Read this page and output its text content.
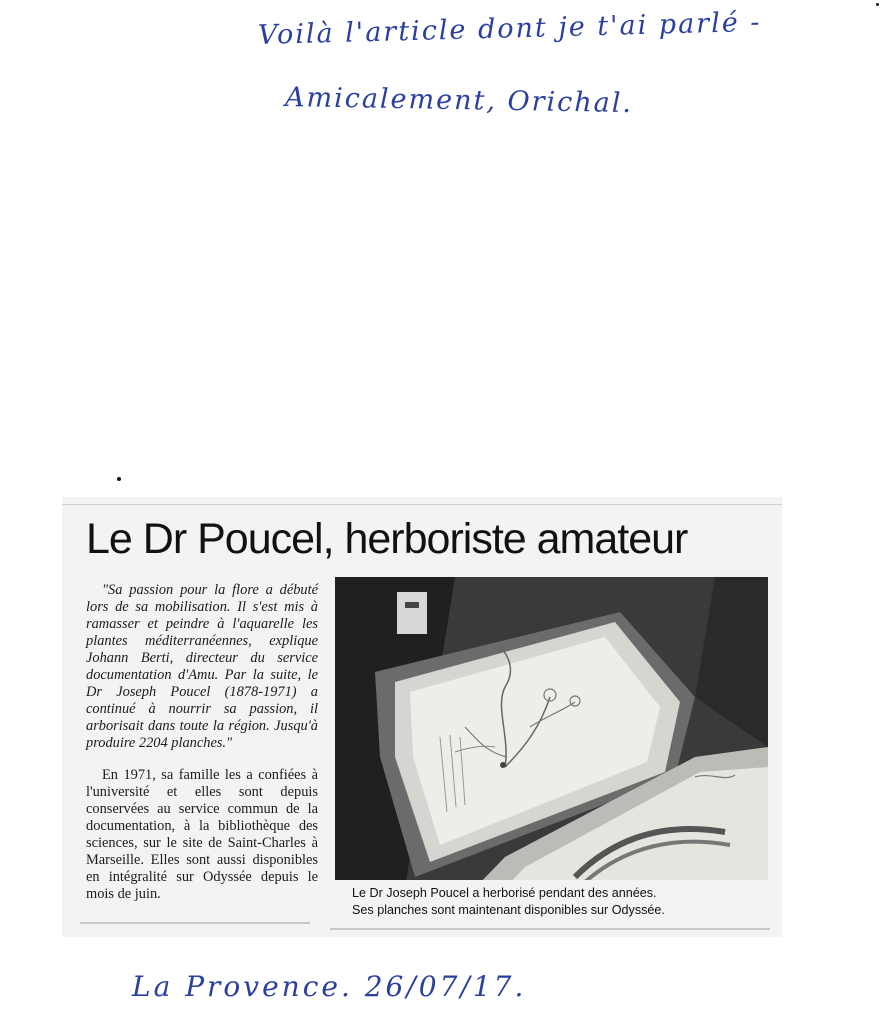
Voilà l'article dont je t'ai parlé -
Amicalement, Orichal.
Le Dr Poucel, herboriste amateur

"Sa passion pour la flore a débuté lors de sa mobilisation. Il s'est mis à ramasser et peindre à l'aquarelle les plantes méditerranéennes, explique Johann Berti, directeur du service documentation d'Amu. Par la suite, le Dr Joseph Poucel (1878-1971) a continué à nourrir sa passion, il arborisait dans toute la région. Jusqu'à produire 2204 planches."

En 1971, sa famille les a confiées à l'université et elles sont depuis conservées au service commun de la documentation, à la bibliothèque des sciences, sur le site de Saint-Charles à Marseille. Elles sont aussi disponibles en intégralité sur Odyssée depuis le mois de juin.	Le Dr Joseph Poucel a herborisé pendant des années.
Ses planches sont maintenant disponibles sur Odyssée.
La Provence. 26/07/17.
